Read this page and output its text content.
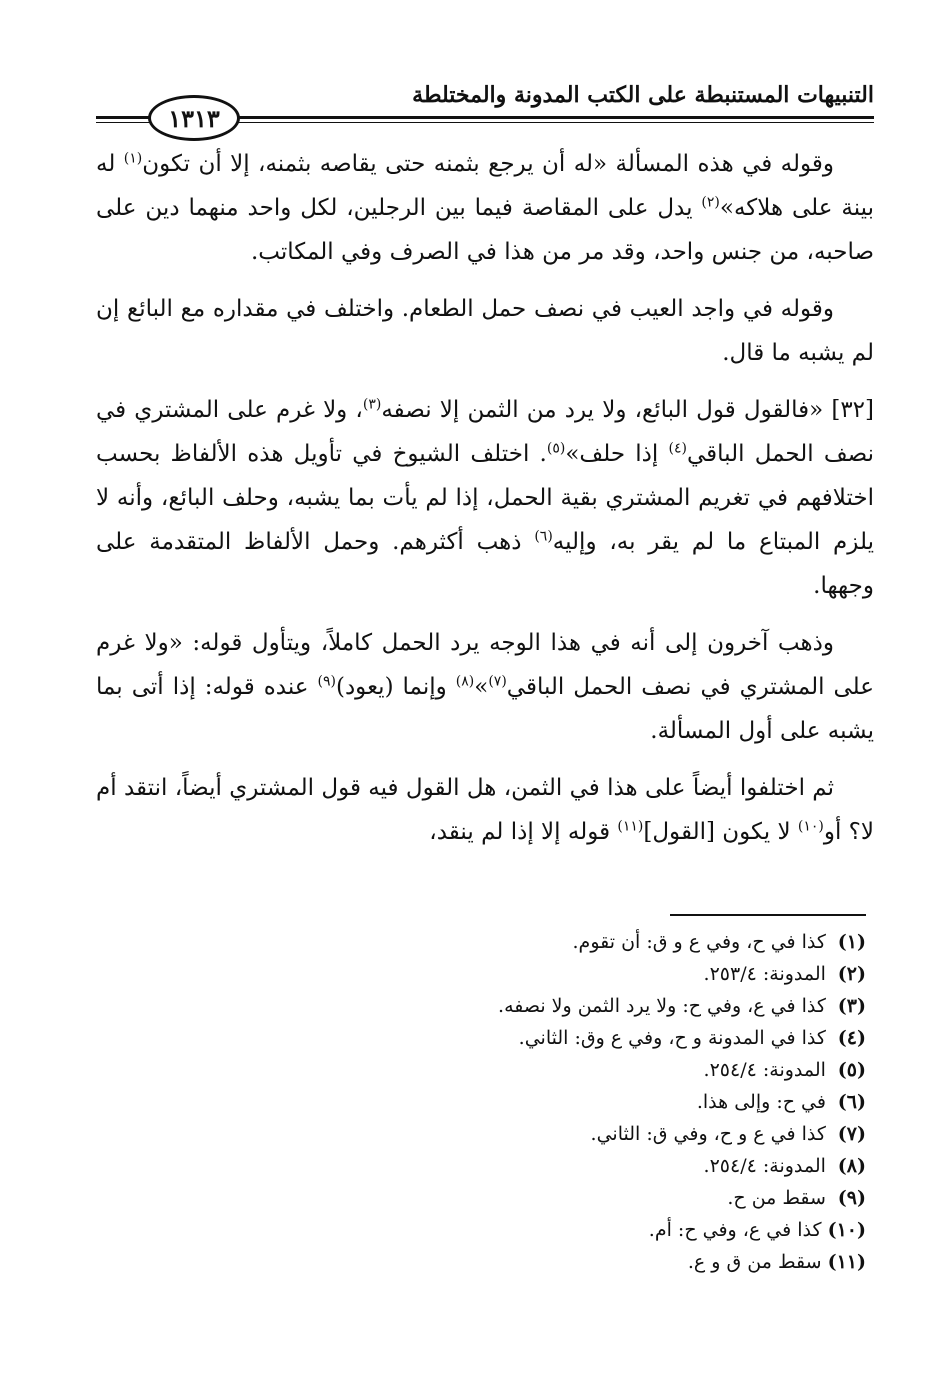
التنبيهات المستنبطة على الكتب المدونة والمختلطة
١٣١٣

وقوله في هذه المسألة «له أن يرجع بثمنه حتى يقاصه بثمنه، إلا أن تكون$^{(١)}$ له بينة على هلاكه»$^{(٢)}$ يدل على المقاصة فيما بين الرجلين، لكل واحد منهما دين على صاحبه، من جنس واحد، وقد مر من هذا في الصرف وفي المكاتب.

وقوله في واجد العيب في نصف حمل الطعام. واختلف في مقداره مع البائع إن لم يشبه ما قال.

[٣٢] «فالقول قول البائع، ولا يرد من الثمن إلا نصفه$^{(٣)}$، ولا غرم على المشتري في نصف الحمل الباقي$^{(٤)}$ إذا حلف»$^{(٥)}$. اختلف الشيوخ في تأويل هذه الألفاظ بحسب اختلافهم في تغريم المشتري بقية الحمل، إذا لم يأت بما يشبه، وحلف البائع، وأنه لا يلزم المبتاع ما لم يقر به، وإليه$^{(٦)}$ ذهب أكثرهم. وحمل الألفاظ المتقدمة على وجهها.

وذهب آخرون إلى أنه في هذا الوجه يرد الحمل كاملاً، ويتأول قوله: «ولا غرم على المشتري في نصف الحمل الباقي$^{(٧)}$»$^{(٨)}$ وإنما (يعود)$^{(٩)}$ عنده قوله: إذا أتى بما يشبه على أول المسألة.

ثم اختلفوا أيضاً على هذا في الثمن، هل القول فيه قول المشتري أيضاً، انتقد أم لا؟ أو$^{(١٠)}$ لا يكون [القول]$^{(١١)}$ قوله إلا إذا لم ينقد،

(١) كذا في ح، وفي ع و ق: أن تقوم.
(٢) المدونة: ٢٥٣/٤.
(٣) كذا في ع، وفي ح: ولا يرد الثمن ولا نصفه.
(٤) كذا في المدونة و ح، وفي ع وق: الثاني.
(٥) المدونة: ٢٥٤/٤.
(٦) في ح: وإلى هذا.
(٧) كذا في ع و ح، وفي ق: الثاني.
(٨) المدونة: ٢٥٤/٤.
(٩) سقط من ح.
(١٠) كذا في ع، وفي ح: أم.
(١١) سقط من ق و ع.
